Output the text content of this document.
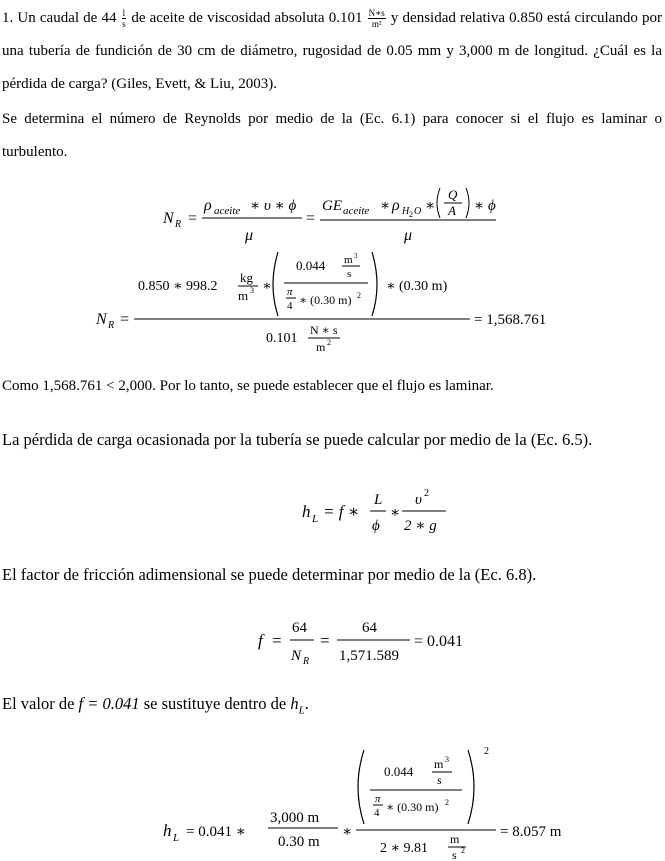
1. Un caudal de $44 \frac{l}{s}$ de aceite de viscosidad absoluta $0.101 \frac{N∗s}{\text{m²}}$ y densidad relativa 0.850 está circulando por una tubería de fundición de 30 cm de diámetro, rugosidad de 0.05 mm y 3,000 m de longitud. ¿Cuál es la pérdida de carga? (Giles, Evett, & Liu, 2003).

Se determina el número de Reynolds por medio de la (Ec. 6.1) para conocer si el flujo es laminar o turbulento.

N R =
ρ aceite ∗ υ ∗ ϕ
μ
=
GE aceite ∗ ρ H 2 O ∗
Q
A ∗ ϕ
μ
N R =
0.850 ∗ 998.2
kg
m 3 ∗
0.044 m 3
s
π
4 ∗ (0.30 m) 2
∗ (0.30 m)
0.101
N ∗ s
m 2
= 1,568.761

Como 1,568.761 < 2,000. Por lo tanto, se puede establecer que el flujo es laminar.

La pérdida de carga ocasionada por la tubería se puede calcular por medio de la (Ec. 6.5).

h L = f ∗
L
ϕ
∗
υ 2
2 ∗ g

El factor de fricción adimensional se puede determinar por medio de la (Ec. 6.8).

f =
64
N R
=
64
1,571.589
= 0.041

El valor de f = 0.041 se sustituye dentro de $h_L$.

h L = 0.041 ∗
3,000 m
0.30 m
∗
0.044 m 3
s
π
4 ∗ (0.30 m) 2
2
2 ∗ 9.81
m
s 2
= 8.057 m
